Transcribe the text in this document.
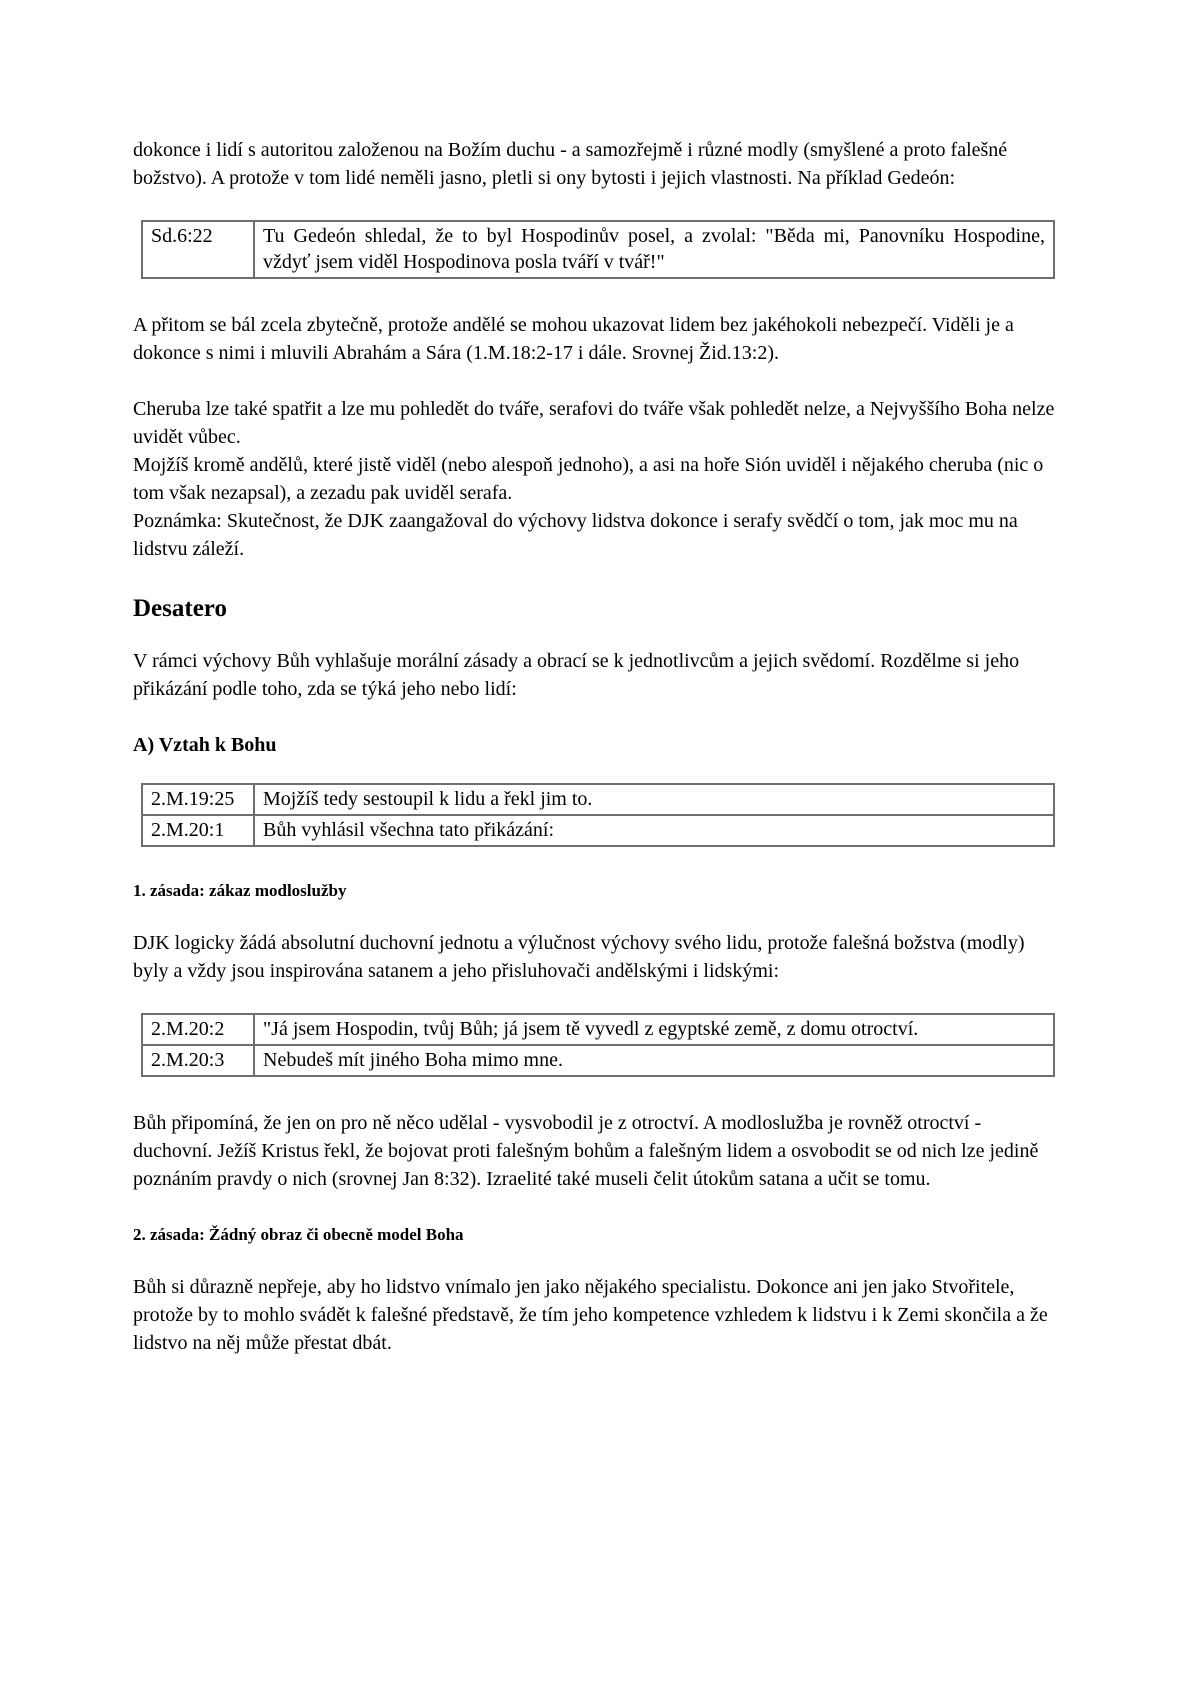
dokonce i lidí s autoritou založenou na Božím duchu - a samozřejmě i různé modly (smyšlené a proto falešné božstvo). A protože v tom lidé neměli jasno, pletli si ony bytosti i jejich vlastnosti. Na příklad Gedeón:

Sd.6:22	Tu Gedeón shledal, že to byl Hospodinův posel, a zvolal: "Běda mi, Panovníku Hospodine, vždyť jsem viděl Hospodinova posla tváří v tvář!"

A přitom se bál zcela zbytečně, protože andělé se mohou ukazovat lidem bez jakéhokoli nebezpečí. Viděli je a dokonce s nimi i mluvili Abrahám a Sára (1.M.18:2-17 i dále. Srovnej Žid.13:2).

Cheruba lze také spatřit a lze mu pohledět do tváře, serafovi do tváře však pohledět nelze, a Nejvyššího Boha nelze uvidět vůbec.

Mojžíš kromě andělů, které jistě viděl (nebo alespoň jednoho), a asi na hoře Sión uviděl i nějakého cheruba (nic o tom však nezapsal), a zezadu pak uviděl serafa.

Poznámka: Skutečnost, že DJK zaangažoval do výchovy lidstva dokonce i serafy svědčí o tom, jak moc mu na lidstvu záleží.

Desatero

V rámci výchovy Bůh vyhlašuje morální zásady a obrací se k jednotlivcům a jejich svědomí. Rozdělme si jeho přikázání podle toho, zda se týká jeho nebo lidí:

A) Vztah k Bohu
2.M.19:25	Mojžíš tedy sestoupil k lidu a řekl jim to.
2.M.20:1	Bůh vyhlásil všechna tato přikázání:
1. zásada: zákaz modloslužby

DJK logicky žádá absolutní duchovní jednotu a výlučnost výchovy svého lidu, protože falešná božstva (modly) byly a vždy jsou inspirována satanem a jeho přisluhovači andělskými i lidskými:

2.M.20:2	"Já jsem Hospodin, tvůj Bůh; já jsem tě vyvedl z egyptské země, z domu otroctví.
2.M.20:3	Nebudeš mít jiného Boha mimo mne.

Bůh připomíná, že jen on pro ně něco udělal - vysvobodil je z otroctví. A modloslužba je rovněž otroctví - duchovní. Ježíš Kristus řekl, že bojovat proti falešným bohům a falešným lidem a osvobodit se od nich lze jedině poznáním pravdy o nich (srovnej Jan 8:32). Izraelité také museli čelit útokům satana a učit se tomu.

2. zásada: Žádný obraz či obecně model Boha

Bůh si důrazně nepřeje, aby ho lidstvo vnímalo jen jako nějakého specialistu. Dokonce ani jen jako Stvořitele, protože by to mohlo svádět k falešné představě, že tím jeho kompetence vzhledem k lidstvu i k Zemi skončila a že lidstvo na něj může přestat dbát.
